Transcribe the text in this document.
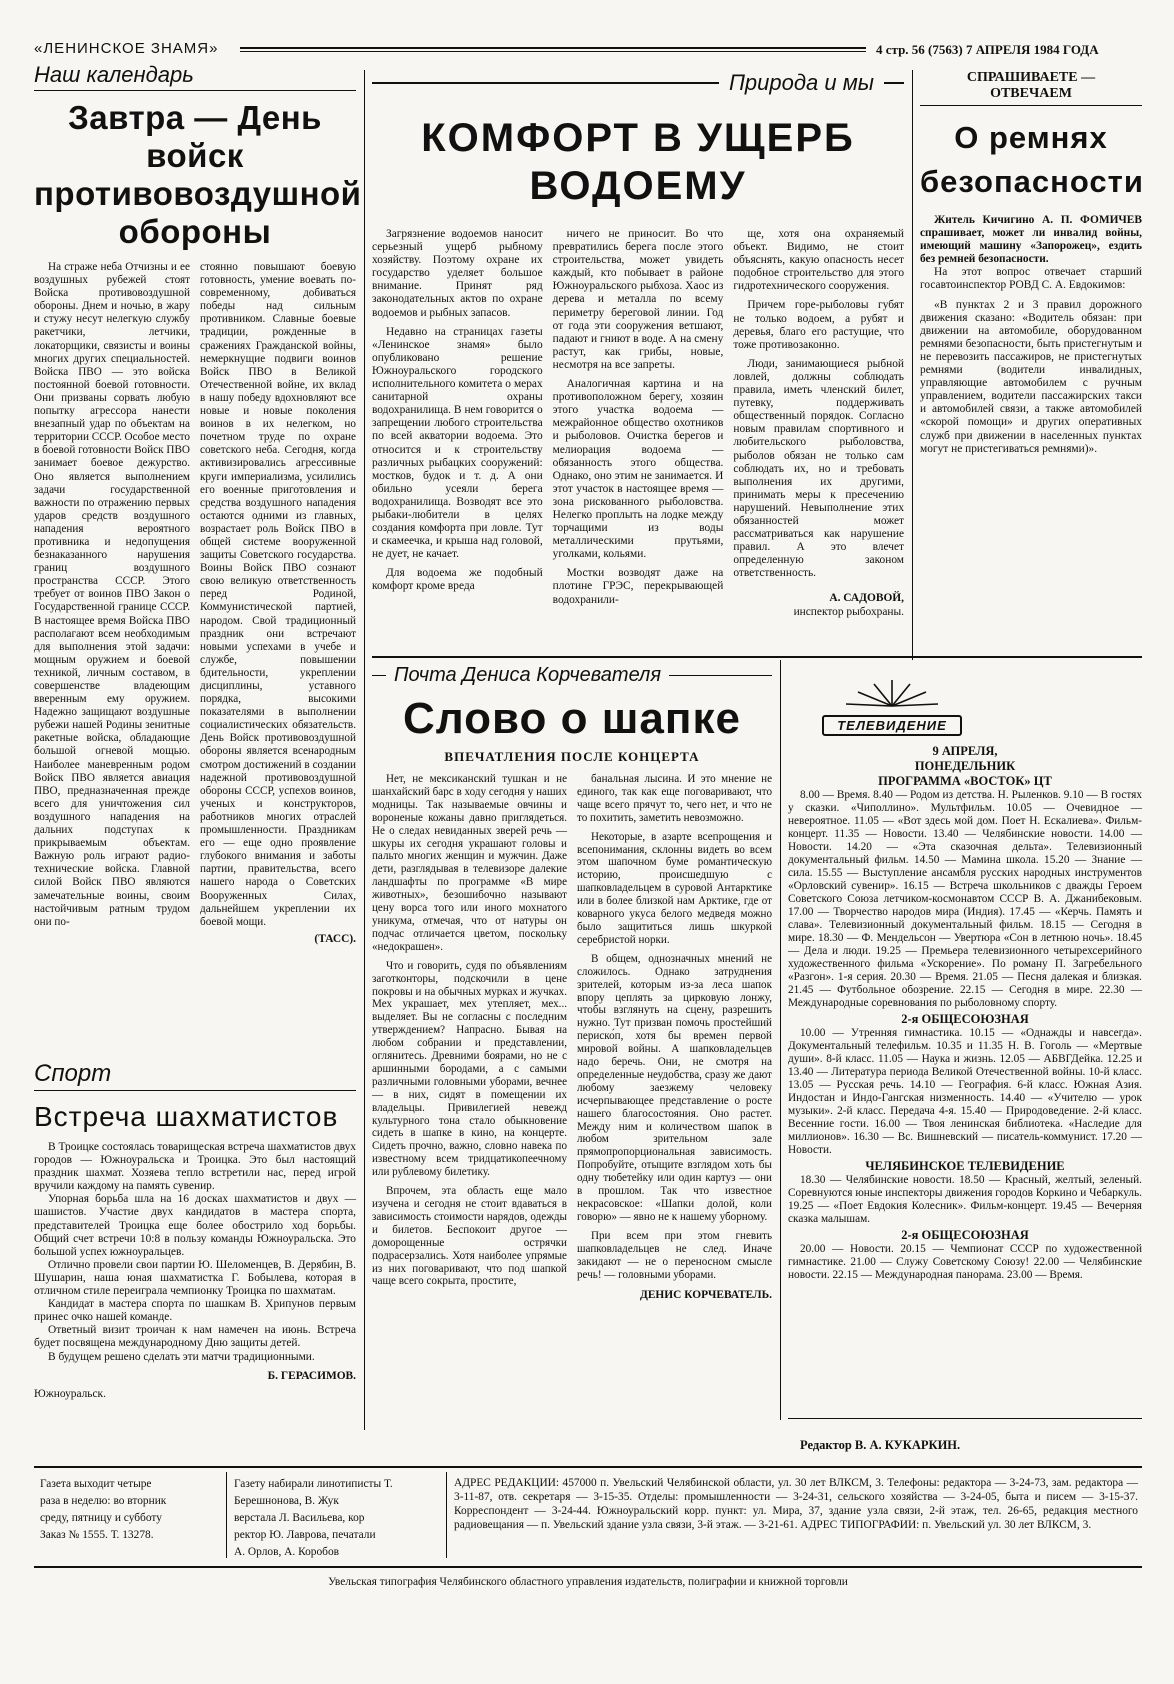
«ЛЕНИНСКОЕ ЗНАМЯ»	4 стр. 56 (7563) 7 АПРЕЛЯ 1984 ГОДА
Наш календарь
Завтра — День войск противовоздушной обороны
На страже неба Отчизны и ее воздушных рубежей стоят Войска противовоздушной обороны. Днем и ночью, в жару и стужу несут нелегкую службу ракетчики, летчики, локаторщики, связисты и воины многих других специальностей. Войска ПВО — это войска постоянной боевой готовности. Они призваны сорвать любую попытку агрессора нанести внезапный удар по объектам на территории СССР. Особое место в боевой готовности Войск ПВО занимает боевое дежурство. Оно является выполнением задачи государственной важности по отражению первых ударов средств воздушного нападения вероятного противника и недопущения безнаказанного нарушения границ воздушного пространства СССР. Этого требует от воинов ПВО Закон о Государственной границе СССР. В настоящее время Войска ПВО располагают всем необходимым для выполнения этой задачи: мощным оружием и боевой техникой, личным составом, в совершенстве владеющим вверенным ему оружием. Надежно защищают воздушные рубежи нашей Родины зенитные ракетные войска, обладающие большой огневой мощью. Наиболее маневренным родом Войск ПВО является авиация ПВО, предназначенная прежде всего для уничтожения сил воздушного нападения на дальних подступах к прикрываемым объектам. Важную роль играют радио-технические войска. Главной силой Войск ПВО являются замечательные воины, своим настойчивым ратным трудом они по-
стоянно повышают боевую готовность, умение воевать по-современному, добиваться победы над сильным противником. Славные боевые традиции, рожденные в сражениях Гражданской войны, немеркнущие подвиги воинов Войск ПВО в Великой Отечественной войне, их вклад в нашу победу вдохновляют все новые и новые поколения воинов в их нелегком, но почетном труде по охране советского неба. Сегодня, когда активизировались агрессивные круги империализма, усилились его военные приготовления и средства воздушного нападения остаются одними из главных, возрастает роль Войск ПВО в общей системе вооруженной защиты Советского государства. Воины Войск ПВО сознают свою великую ответственность перед Родиной, Коммунистической партией, народом. Свой традиционный праздник они встречают новыми успехами в учебе и службе, повышении бдительности, укреплении дисциплины, уставного порядка, высокими показателями в выполнении социалистических обязательств. День Войск противовоздушной обороны является всенародным смотром достижений в создании надежной противовоздушной обороны СССР, успехов воинов, ученых и конструкторов, работников многих отраслей промышленности. Праздникам его — еще одно проявление глубокого внимания и заботы партии, правительства, всего нашего народа о Советских Вооруженных Силах, дальнейшем укреплении их боевой мощи.
(ТАСС).
Спорт
Встреча шахматистов

В Троицке состоялась товарищеская встреча шахматистов двух городов — Южноуральска и Троицка. Это был настоящий праздник шахмат. Хозяева тепло встретили нас, перед игрой вручили каждому на память сувенир.

Упорная борьба шла на 16 досках шахматистов и двух — шашистов. Участие двух кандидатов в мастера спорта, представителей Троицка еще более обострило ход борьбы. Общий счет встречи 10:8 в пользу команды Южноуральска. Это большой успех южноуральцев.

Отлично провели свои партии Ю. Шеломенцев, В. Дерябин, В. Шушарин, наша юная шахматистка Г. Бобылева, которая в отличном стиле переиграла чемпионку Троицка по шахматам.

Кандидат в мастера спорта по шашкам В. Хрипунов первым принес очко нашей команде.

Ответный визит троичан к нам намечен на июнь. Встреча будет посвящена международному Дню защиты детей.

В будущем решено сделать эти матчи традиционными.

Б. ГЕРАСИМОВ.
Южноуральск.
Природа и мы
КОМФОРТ В УЩЕРБ ВОДОЕМУ

Загрязнение водоемов наносит серьезный ущерб рыбному хозяйству. Поэтому охране их государство уделяет большое внимание. Принят ряд законодательных актов по охране водоемов и рыбных запасов.

Недавно на страницах газеты «Ленинское знамя» было опубликовано решение Южноуральского городского исполнительного комитета о мерах санитарной охраны водохранилища. В нем говорится о запрещении любого строительства по всей акватории водоема. Это относится и к строительству различных рыбацких сооружений: мостков, будок и т. д. А они обильно усеяли берега водохранилища. Возводят все это рыбаки-любители в целях создания комфорта при ловле. Тут и скамеечка, и крыша над головой, не дует, не качает.

Для водоема же подобный комфорт кроме вреда

ничего не приносит. Во что превратились берега после этого строительства, может увидеть каждый, кто побывает в районе Южноуральского рыбхоза. Хаос из дерева и металла по всему периметру береговой линии. Год от года эти сооружения ветшают, падают и гниют в воде. А на смену растут, как грибы, новые, несмотря на все запреты.

Аналогичная картина и на противоположном берегу, хозяин этого участка водоема — межрайонное общество охотников и рыболовов. Очистка берегов и мелиорация водоема — обязанность этого общества. Однако, оно этим не занимается. И этот участок в настоящее время — зона рискованного рыболовства. Нелегко проплыть на лодке между торчащими из воды металлическими прутьями, уголками, кольями.

Мостки возводят даже на плотине ГРЭС, перекрывающей водохранили-

ще, хотя она охраняемый объект. Видимо, не стоит объяснять, какую опасность несет подобное строительство для этого гидротехнического сооружения.

Причем горе-рыболовы губят не только водоем, а рубят и деревья, благо его растущие, что тоже противозаконно.

Люди, занимающиеся рыбной ловлей, должны соблюдать правила, иметь членский билет, путевку, поддерживать общественный порядок. Согласно новым правилам спортивного и любительского рыболовства, рыболов обязан не только сам соблюдать их, но и требовать выполнения их другими, принимать меры к пресечению нарушений. Невыполнение этих обязанностей может рассматриваться как нарушение правил. А это влечет определенную законом ответственность.

А. САДОВОЙ,
инспектор рыбохраны.
СПРАШИВАЕТЕ —
ОТВЕЧАЕМ
О ремнях безопасности

Житель Кичигино А. П. ФОМИЧЕВ спрашивает, может ли инвалид войны, имеющий машину «Запорожец», ездить без ремней безопасности.

На этот вопрос отвечает старший госавтоинспектор РОВД С. А. Евдокимов:

«В пунктах 2 и 3 правил дорожного движения сказано: «Водитель обязан: при движении на автомобиле, оборудованном ремнями безопасности, быть пристегнутым и не перевозить пассажиров, не пристегнутых ремнями (водители инвалидных, управляющие автомобилем с ручным управлением, водители пассажирских такси и автомобилей связи, а также автомобилей «скорой помощи» и других оперативных служб при движении в населенных пунктах могут не пристегиваться ремнями)».

Почта Дениса Корчевателя
Слово о шапке
ВПЕЧАТЛЕНИЯ ПОСЛЕ КОНЦЕРТА

Нет, не мексиканский тушкан и не шанхайский барс в ходу сегодня у наших модницы. Так называемые овчины и вороненые кожаны давно приглядеться. Не о следах невиданных зверей речь — шкуры их сегодня украшают головы и пальто многих женщин и мужчин. Даже дети, разглядывая в телевизоре далекие ландшафты по программе «В мире животных», безошибочно называют цену ворса того или иного мохнатого уникума, отмечая, что от натуры он подчас отличается цветом, поскольку «недокрашен».

Что и говорить, судя по объявлениям заготконторы, подскочили в цене покровы и на обычных мурках и жучках. Мех украшает, мех утепляет, мех... выделяет. Вы не согласны с последним утверждением? Напрасно. Бывая на любом собрании и представлении, оглянитесь. Древними боярами, но не с аршинными бородами, а с самыми различными головными уборами, вечнее — в них, сидят в помещении их владельцы. Привилегией невежд культурного тона стало обыкновение сидеть в шапке в кино, на концерте. Сидеть прочно, важно, словно навека по известному всем тридцатикопеечному или рублевому билетику.

Впрочем, эта область еще мало изучена и сегодня не стоит вдаваться в зависимость стоимости нарядов, одежды и билетов. Беспокоит другое — доморощенные острячки подрасерзались. Хотя наиболее упрямые из них поговаривают, что под шапкой чаще всего сокрыта, простите,

банальная лысина. И это мнение не единого, так как еще поговаривают, что чаще всего прячут то, чего нет, и что не то похитить, заметить невозможно.

Некоторые, в азарте всепрощения и всепонимания, склонны видеть во всем этом шапочном буме романтическую историю, происшедшую с шапковладельцем в суровой Антарктике или в более близкой нам Арктике, где от коварного укуса белого медведя можно было защититься лишь шкуркой серебристой норки.

В общем, однозначных мнений не сложилось. Однако затруднения зрителей, которым из-за леса шапок впору цеплять за цирковую лонжу, чтобы взглянуть на сцену, разрешить нужно. Тут призван помочь простейший периско́п, хотя бы времен первой мировой войны. А шапковладельцев надо беречь. Они, не смотря на определенные неудобства, сразу же дают любому заезжему человеку исчерпывающее представление о росте нашего благосостояния. Оно растет. Между ним и количеством шапок в любом зрительном зале прямопропорциональная зависимость. Попробуйте, отыщите взглядом хоть бы одну тюбетейку или один картуз — они в прошлом. Так что известное некрасовское: «Шапки долой, коли говорю» — явно не к нашему уборному.

При всем при этом гневить шапковладельцев не след. Иначе закидают — не о переносном смысле речь! — головными уборами.

ДЕНИС КОРЧЕВАТЕЛЬ.
ТЕЛЕВИДЕНИЕ
9 АПРЕЛЯ,
ПОНЕДЕЛЬНИК
ПРОГРАММА «ВОСТОК» ЦТ

8.00 — Время. 8.40 — Родом из детства. Н. Рыленков. 9.10 — В гостях у сказки. «Чиполлино». Мультфильм. 10.05 — Очевидное — невероятное. 11.05 — «Вот здесь мой дом. Поет Н. Ескалиева». Фильм-концерт. 11.35 — Новости. 13.40 — Челябинские новости. 14.00 — Новости. 14.20 — «Эта сказочная дельта». Телевизионный документальный фильм. 14.50 — Мамина школа. 15.20 — Знание — сила. 15.55 — Выступление ансамбля русских народных инструментов «Орловский сувенир». 16.15 — Встреча школьников с дважды Героем Советского Союза летчиком-космонавтом СССР В. А. Джанибековым. 17.00 — Творчество народов мира (Индия). 17.45 — «Керчь. Память и слава». Телевизионный документальный фильм. 18.15 — Сегодня в мире. 18.30 — Ф. Мендельсон — Увертюра «Сон в летнюю ночь». 18.45 — Дела и люди. 19.25 — Премьера телевизионного четырехсерийного художественного фильма «Ускорение». По роману П. Загребельного «Разгон». 1-я серия. 20.30 — Время. 21.05 — Песня далекая и близкая. 21.45 — Футбольное обозрение. 22.15 — Сегодня в мире. 22.30 — Международные соревнования по рыболовному спорту.

2-я ОБЩЕСОЮЗНАЯ

10.00 — Утренняя гимнастика. 10.15 — «Однажды и навсегда». Документальный телефильм. 10.35 и 11.35 Н. В. Гоголь — «Мертвые души». 8-й класс. 11.05 — Наука и жизнь. 12.05 — АБВГДейка. 12.25 и 13.40 — Литература периода Великой Отечественной войны. 10-й класс. 13.05 — Русская речь. 14.10 — География. 6-й класс. Южная Азия. Индостан и Индо-Гангская низменность. 14.40 — «Учителю — урок музыки». 2-й класс. Передача 4-я. 15.40 — Природоведение. 2-й класс. Весенние гости. 16.00 — Твоя ленинская библиотека. «Наследие для миллионов». 16.30 — Вс. Вишневский — писатель-коммунист. 17.20 — Новости.

ЧЕЛЯБИНСКОЕ ТЕЛЕВИДЕНИЕ

18.30 — Челябинские новости. 18.50 — Красный, желтый, зеленый. Соревнуются юные инспекторы движения городов Коркино и Чебаркуль. 19.25 — «Поет Евдокия Колесник». Фильм-концерт. 19.45 — Вечерняя сказка малышам.

2-я ОБЩЕСОЮЗНАЯ

20.00 — Новости. 20.15 — Чемпионат СССР по художественной гимнастике. 21.00 — Служу Советскому Союзу! 22.00 — Челябинские новости. 22.15 — Международная панорама. 23.00 — Время.

Редактор В. А. КУКАРКИН.
Газета выходит четыре
раза в неделю: во вторник
среду, пятницу и субботу
Заказ № 1555. Т. 13278.
Газету набирали линотиписты Т. Берешнонова, В. Жук
верстала Л. Васильева, кор
ректор Ю. Лаврова, печатали
А. Орлов, А. Коробов
АДРЕС РЕДАКЦИИ: 457000 п. Увельский Челябинской области, ул. 30 лет ВЛКСМ, 3. Телефоны: редактора — 3-24-73, зам. редактора — 3-11-87, отв. секретаря — 3-15-35. Отделы: промышленности — 3-24-31, сельского хозяйства — 3-24-05, быта и писем — 3-15-37. Корреспондент — 3-24-44. Южноуральский корр. пункт: ул. Мира, 37, здание узла связи, 2-й этаж, тел. 26-65, редакция местного радиовещания — п. Увельский здание узла связи, 3-й этаж. — 3-21-61. АДРЕС ТИПОГРАФИИ: п. Увельский ул. 30 лет ВЛКСМ, 3.
Увельская типография Челябинского областного управления издательств, полиграфии и книжной торговли
